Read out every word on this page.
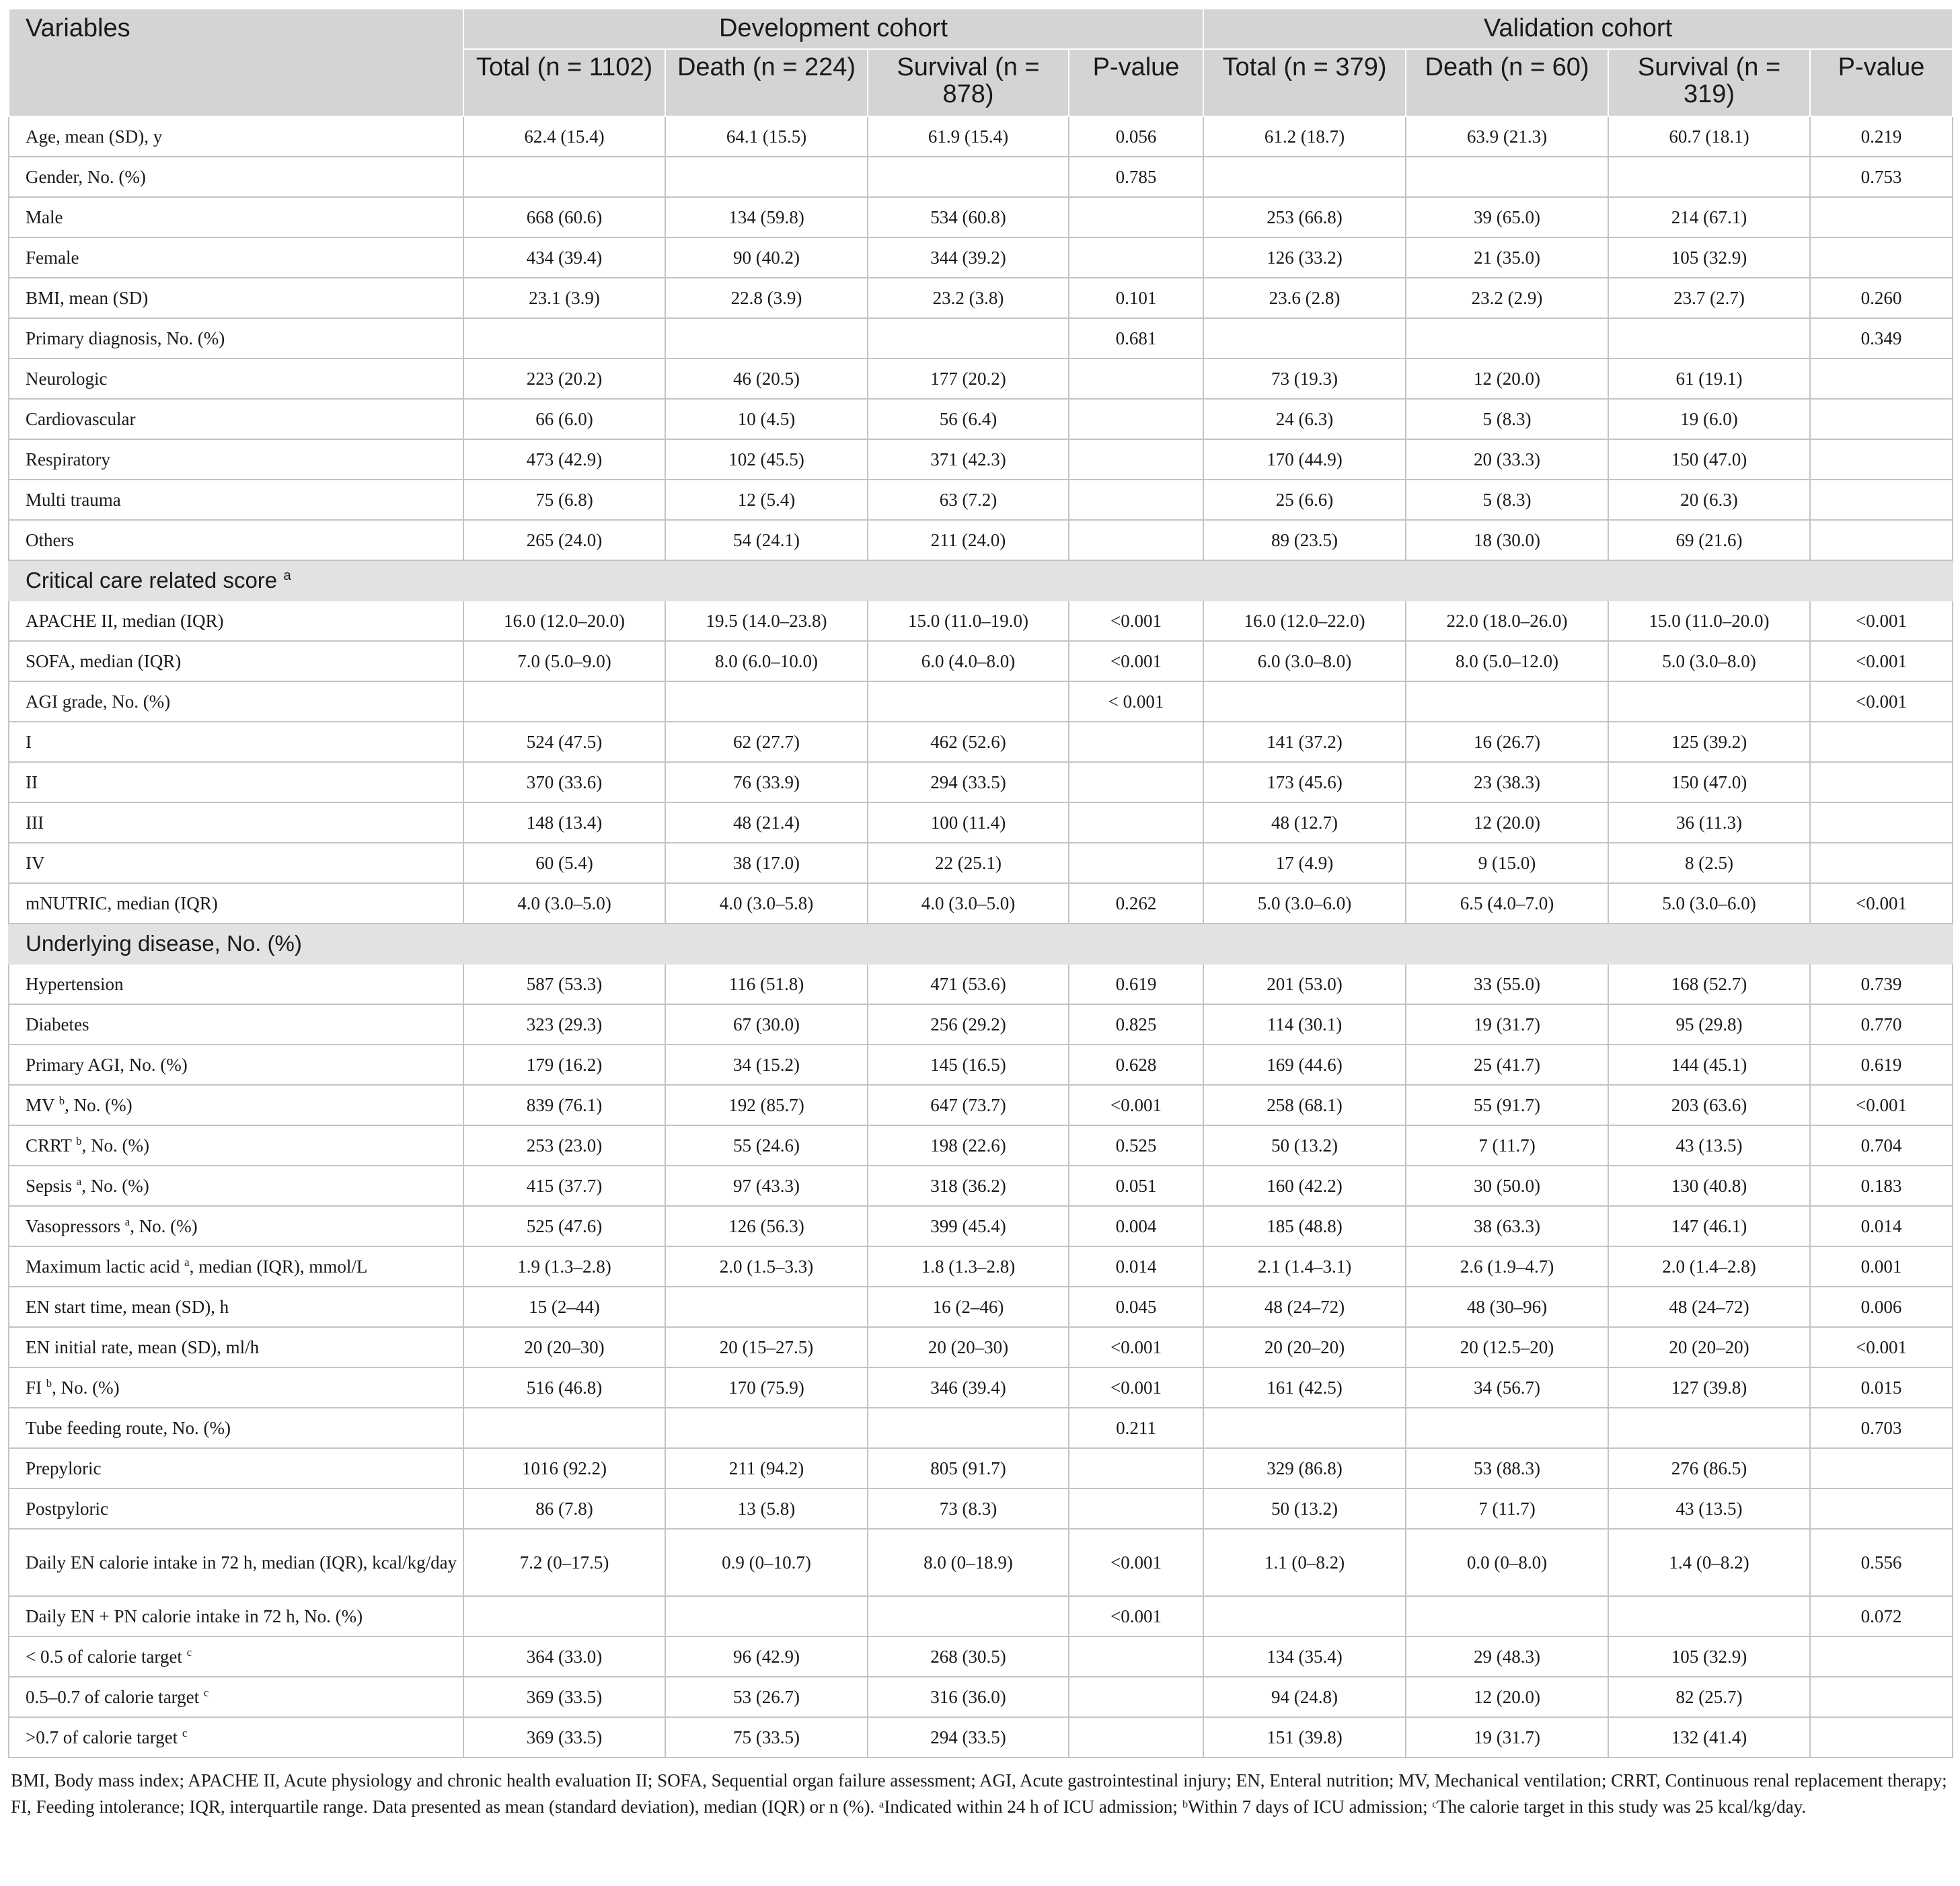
Variables	Development cohort				Validation cohort			
	Total (n = 1102)	Death (n = 224)	Survival (n = 878)	P-value	Total (n = 379)	Death (n = 60)	Survival (n = 319)	P-value
Age, mean (SD), y	62.4 (15.4)	64.1 (15.5)	61.9 (15.4)	0.056	61.2 (18.7)	63.9 (21.3)	60.7 (18.1)	0.219
Gender, No. (%)				0.785				0.753
Male	668 (60.6)	134 (59.8)	534 (60.8)		253 (66.8)	39 (65.0)	214 (67.1)	
Female	434 (39.4)	90 (40.2)	344 (39.2)		126 (33.2)	21 (35.0)	105 (32.9)	
BMI, mean (SD)	23.1 (3.9)	22.8 (3.9)	23.2 (3.8)	0.101	23.6 (2.8)	23.2 (2.9)	23.7 (2.7)	0.260
Primary diagnosis, No. (%)				0.681				0.349
Neurologic	223 (20.2)	46 (20.5)	177 (20.2)		73 (19.3)	12 (20.0)	61 (19.1)	
Cardiovascular	66 (6.0)	10 (4.5)	56 (6.4)		24 (6.3)	5 (8.3)	19 (6.0)	
Respiratory	473 (42.9)	102 (45.5)	371 (42.3)		170 (44.9)	20 (33.3)	150 (47.0)	
Multi trauma	75 (6.8)	12 (5.4)	63 (7.2)		25 (6.6)	5 (8.3)	20 (6.3)	
Others	265 (24.0)	54 (24.1)	211 (24.0)		89 (23.5)	18 (30.0)	69 (21.6)	
Critical care related score $^a$
APACHE II, median (IQR)	16.0 (12.0–20.0)	19.5 (14.0–23.8)	15.0 (11.0–19.0)	<0.001	16.0 (12.0–22.0)	22.0 (18.0–26.0)	15.0 (11.0–20.0)	<0.001
SOFA, median (IQR)	7.0 (5.0–9.0)	8.0 (6.0–10.0)	6.0 (4.0–8.0)	<0.001	6.0 (3.0–8.0)	8.0 (5.0–12.0)	5.0 (3.0–8.0)	<0.001
AGI grade, No. (%)				< 0.001				<0.001
I	524 (47.5)	62 (27.7)	462 (52.6)		141 (37.2)	16 (26.7)	125 (39.2)	
II	370 (33.6)	76 (33.9)	294 (33.5)		173 (45.6)	23 (38.3)	150 (47.0)	
III	148 (13.4)	48 (21.4)	100 (11.4)		48 (12.7)	12 (20.0)	36 (11.3)	
IV	60 (5.4)	38 (17.0)	22 (25.1)		17 (4.9)	9 (15.0)	8 (2.5)	
mNUTRIC, median (IQR)	4.0 (3.0–5.0)	4.0 (3.0–5.8)	4.0 (3.0–5.0)	0.262	5.0 (3.0–6.0)	6.5 (4.0–7.0)	5.0 (3.0–6.0)	<0.001
Underlying disease, No. (%)								
Hypertension	587 (53.3)	116 (51.8)	471 (53.6)	0.619	201 (53.0)	33 (55.0)	168 (52.7)	0.739
Diabetes	323 (29.3)	67 (30.0)	256 (29.2)	0.825	114 (30.1)	19 (31.7)	95 (29.8)	0.770
Primary AGI, No. (%)	179 (16.2)	34 (15.2)	145 (16.5)	0.628	169 (44.6)	25 (41.7)	144 (45.1)	0.619
MV $^b$, No. (%)	839 (76.1)	192 (85.7)	647 (73.7)	<0.001	258 (68.1)	55 (91.7)	203 (63.6)	<0.001
CRRT $^b$, No. (%)	253 (23.0)	55 (24.6)	198 (22.6)	0.525	50 (13.2)	7 (11.7)	43 (13.5)	0.704
Sepsis $^a$, No. (%)	415 (37.7)	97 (43.3)	318 (36.2)	0.051	160 (42.2)	30 (50.0)	130 (40.8)	0.183
Vasopressors $^a$, No. (%)	525 (47.6)	126 (56.3)	399 (45.4)	0.004	185 (48.8)	38 (63.3)	147 (46.1)	0.014
Maximum lactic acid $^a$, median (IQR), mmol/L	1.9 (1.3–2.8)	2.0 (1.5–3.3)	1.8 (1.3–2.8)	0.014	2.1 (1.4–3.1)	2.6 (1.9–4.7)	2.0 (1.4–2.8)	0.001
EN start time, mean (SD), h	15 (2–44)		16 (2–46)	0.045	48 (24–72)	48 (30–96)	48 (24–72)	0.006
EN initial rate, mean (SD), ml/h	20 (20–30)	20 (15–27.5)	20 (20–30)	<0.001	20 (20–20)	20 (12.5–20)	20 (20–20)	<0.001
FI $^b$, No. (%)	516 (46.8)	170 (75.9)	346 (39.4)	<0.001	161 (42.5)	34 (56.7)	127 (39.8)	0.015
Tube feeding route, No. (%)				0.211				0.703
Prepyloric	1016 (92.2)	211 (94.2)	805 (91.7)		329 (86.8)	53 (88.3)	276 (86.5)	
Postpyloric	86 (7.8)	13 (5.8)	73 (8.3)		50 (13.2)	7 (11.7)	43 (13.5)	
Daily EN calorie intake in 72 h, median (IQR), kcal/kg/day	7.2 (0–17.5)	0.9 (0–10.7)	8.0 (0–18.9)	<0.001	1.1 (0–8.2)	0.0 (0–8.0)	1.4 (0–8.2)	0.556
Daily EN + PN calorie intake in 72 h, No. (%)				<0.001				0.072
< 0.5 of calorie target $^c$	364 (33.0)	96 (42.9)	268 (30.5)		134 (35.4)	29 (48.3)	105 (32.9)	
0.5–0.7 of calorie target $^c$	369 (33.5)	53 (26.7)	316 (36.0)		94 (24.8)	12 (20.0)	82 (25.7)	
>0.7 of calorie target $^c$	369 (33.5)	75 (33.5)	294 (33.5)		151 (39.8)	19 (31.7)	132 (41.4)	
BMI, Body mass index; APACHE II, Acute physiology and chronic health evaluation II; SOFA, Sequential organ failure assessment; AGI, Acute gastrointestinal injury; EN, Enteral nutrition; MV, Mechanical ventilation; CRRT, Continuous renal replacement therapy; FI, Feeding intolerance; IQR, interquartile range. Data presented as mean (standard deviation), median (IQR) or n (%). ᵃIndicated within 24 h of ICU admission; ᵇWithin 7 days of ICU admission; ᶜThe calorie target in this study was 25 kcal/kg/day.
